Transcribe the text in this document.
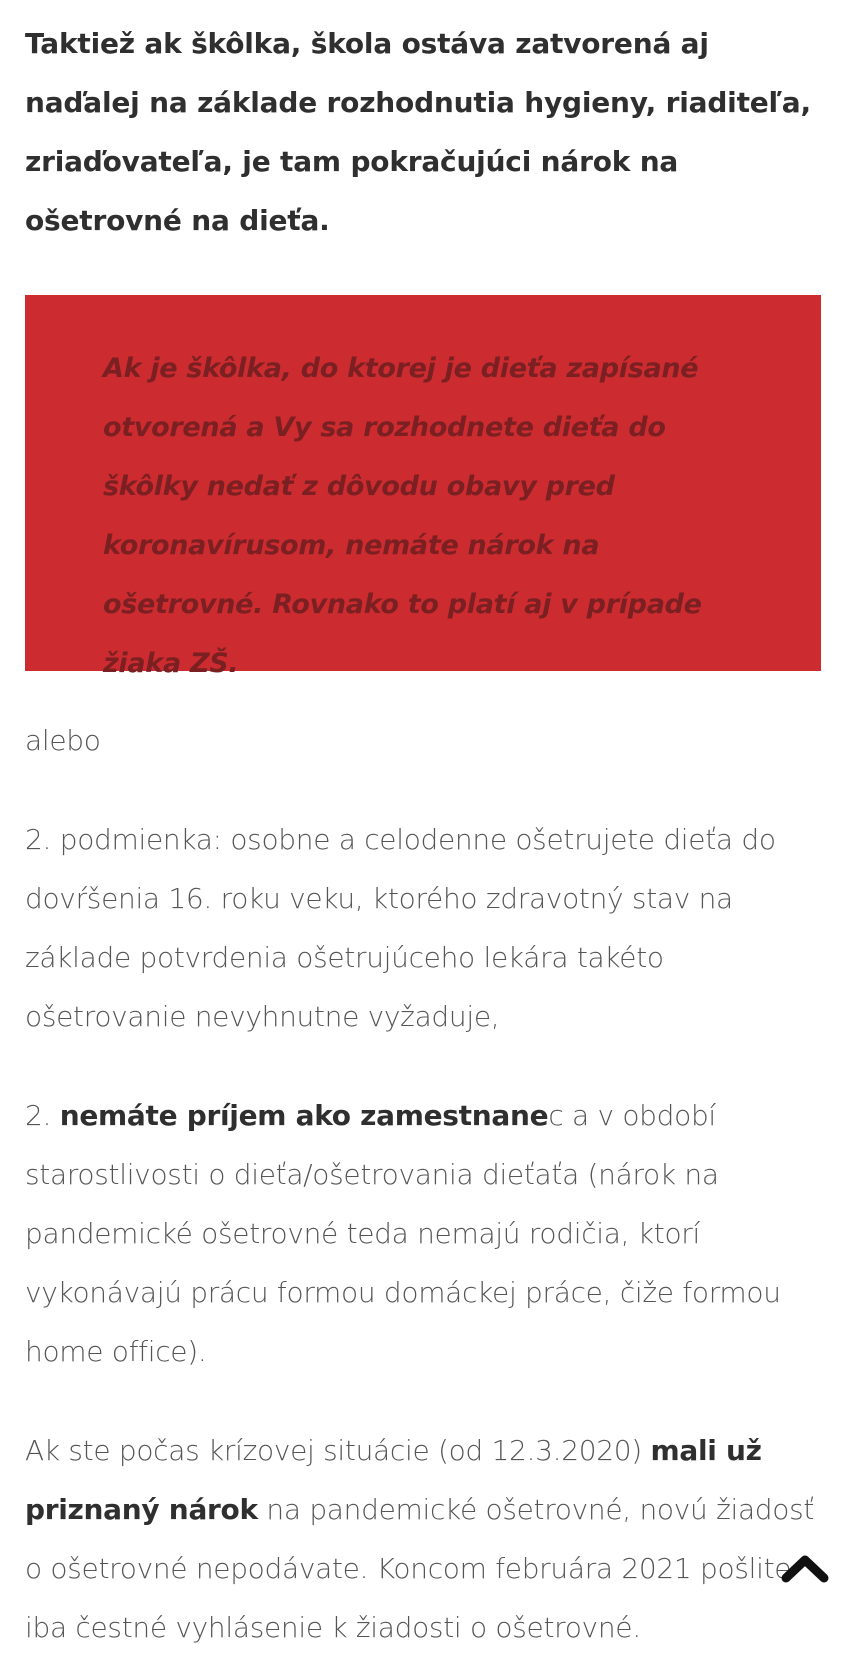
Taktiež ak škôlka, škola ostáva zatvorená aj naďalej na základe rozhodnutia hygieny, riaditeľa, zriaďovateľa, je tam pokračujúci nárok na ošetrovné na dieťa.

Ak je škôlka, do ktorej je dieťa zapísané otvorená a Vy sa rozhodnete dieťa do škôlky nedať z dôvodu obavy pred koronavírusom, nemáte nárok na ošetrovné. Rovnako to platí aj v prípade žiaka ZŠ.

alebo

2. podmienka: osobne a celodenne ošetrujete dieťa do dovŕšenia 16. roku veku, ktorého zdravotný stav na základe potvrdenia ošetrujúceho lekára takéto ošetrovanie nevyhnutne vyžaduje,

2. nemáte príjem ako zamestnanec a v období starostlivosti o dieťa/ošetrovania dieťaťa (nárok na pandemické ošetrovné teda nemajú rodičia, ktorí vykonávajú prácu formou domáckej práce, čiže formou home office).

Ak ste počas krízovej situácie (od 12.3.2020) mali už priznaný nárok na pandemické ošetrovné, novú žiadosť o ošetrovné nepodávate. Koncom februára 2021 pošlite iba čestné vyhlásenie k žiadosti o ošetrovné.
